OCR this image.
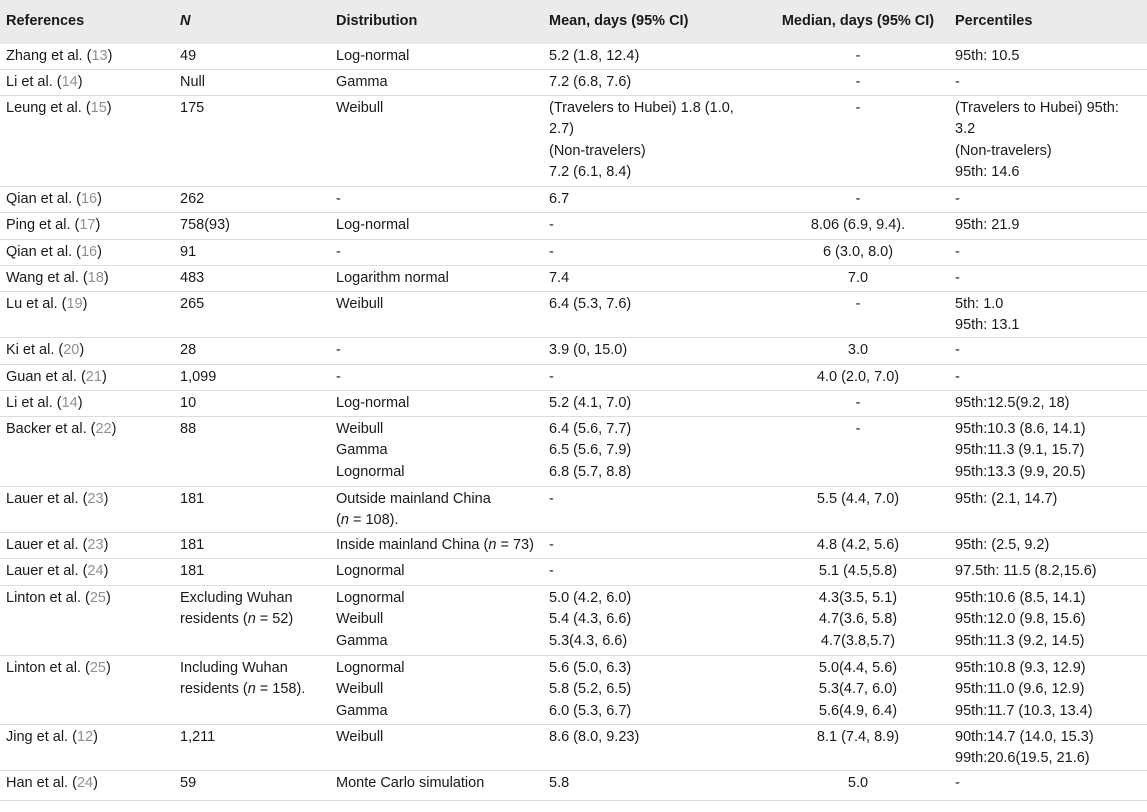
References	N	Distribution	Mean, days (95% CI)	Median, days (95% CI)	Percentiles
Zhang et al. (13)	49	Log-normal	5.2 (1.8, 12.4)	-	95th: 10.5

Li et al. (14)	Null	Gamma	7.2 (6.8, 7.6)	-	-

Leung et al. (15)	175	Weibull	(Travelers to Hubei) 1.8 (1.0,
2.7)
(Non-travelers)
7.2 (6.1, 8.4)	-	(Travelers to Hubei) 95th:
3.2
(Non-travelers)
95th: 14.6

Qian et al. (16)	262	-	6.7	-	-

Ping et al. (17)	758(93)	Log-normal	-	8.06 (6.9, 9.4).	95th: 21.9

Qian et al. (16)	91	-	-	6 (3.0, 8.0)	-

Wang et al. (18)	483	Logarithm normal	7.4	7.0	-

Lu et al. (19)	265	Weibull	6.4 (5.3, 7.6)	-	5th: 1.0
95th: 13.1

Ki et al. (20)	28	-	3.9 (0, 15.0)	3.0	-

Guan et al. (21)	1,099	-	-	4.0 (2.0, 7.0)	-

Li et al. (14)	10	Log-normal	5.2 (4.1, 7.0)	-	95th:12.5(9.2, 18)

Backer et al. (22)	88	Weibull
Gamma
Lognormal	6.4 (5.6, 7.7)
6.5 (5.6, 7.9)
6.8 (5.7, 8.8)	-	95th:10.3 (8.6, 14.1)
95th:11.3 (9.1, 15.7)
95th:13.3 (9.9, 20.5)

Lauer et al. (23)	181	Outside mainland China
(n = 108).	-	5.5 (4.4, 7.0)	95th: (2.1, 14.7)

Lauer et al. (23)	181	Inside mainland China (n = 73)	-	4.8 (4.2, 5.6)	95th: (2.5, 9.2)

Lauer et al. (24)	181	Lognormal	-	5.1 (4.5,5.8)	97.5th: 11.5 (8.2,15.6)

Linton et al. (25)	Excluding Wuhan
residents (n = 52)	Lognormal
Weibull
Gamma	5.0 (4.2, 6.0)
5.4 (4.3, 6.6)
5.3(4.3, 6.6)	4.3(3.5, 5.1)
4.7(3.6, 5.8)
4.7(3.8,5.7)	95th:10.6 (8.5, 14.1)
95th:12.0 (9.8, 15.6)
95th:11.3 (9.2, 14.5)

Linton et al. (25)	Including Wuhan
residents (n = 158).	Lognormal
Weibull
Gamma	5.6 (5.0, 6.3)
5.8 (5.2, 6.5)
6.0 (5.3, 6.7)	5.0(4.4, 5.6)
5.3(4.7, 6.0)
5.6(4.9, 6.4)	95th:10.8 (9.3, 12.9)
95th:11.0 (9.6, 12.9)
95th:11.7 (10.3, 13.4)

Jing et al. (12)	1,211	Weibull	8.6 (8.0, 9.23)	8.1 (7.4, 8.9)	90th:14.7 (14.0, 15.3)
99th:20.6(19.5, 21.6)

Han et al. (24)	59	Monte Carlo simulation	5.8	5.0	-
